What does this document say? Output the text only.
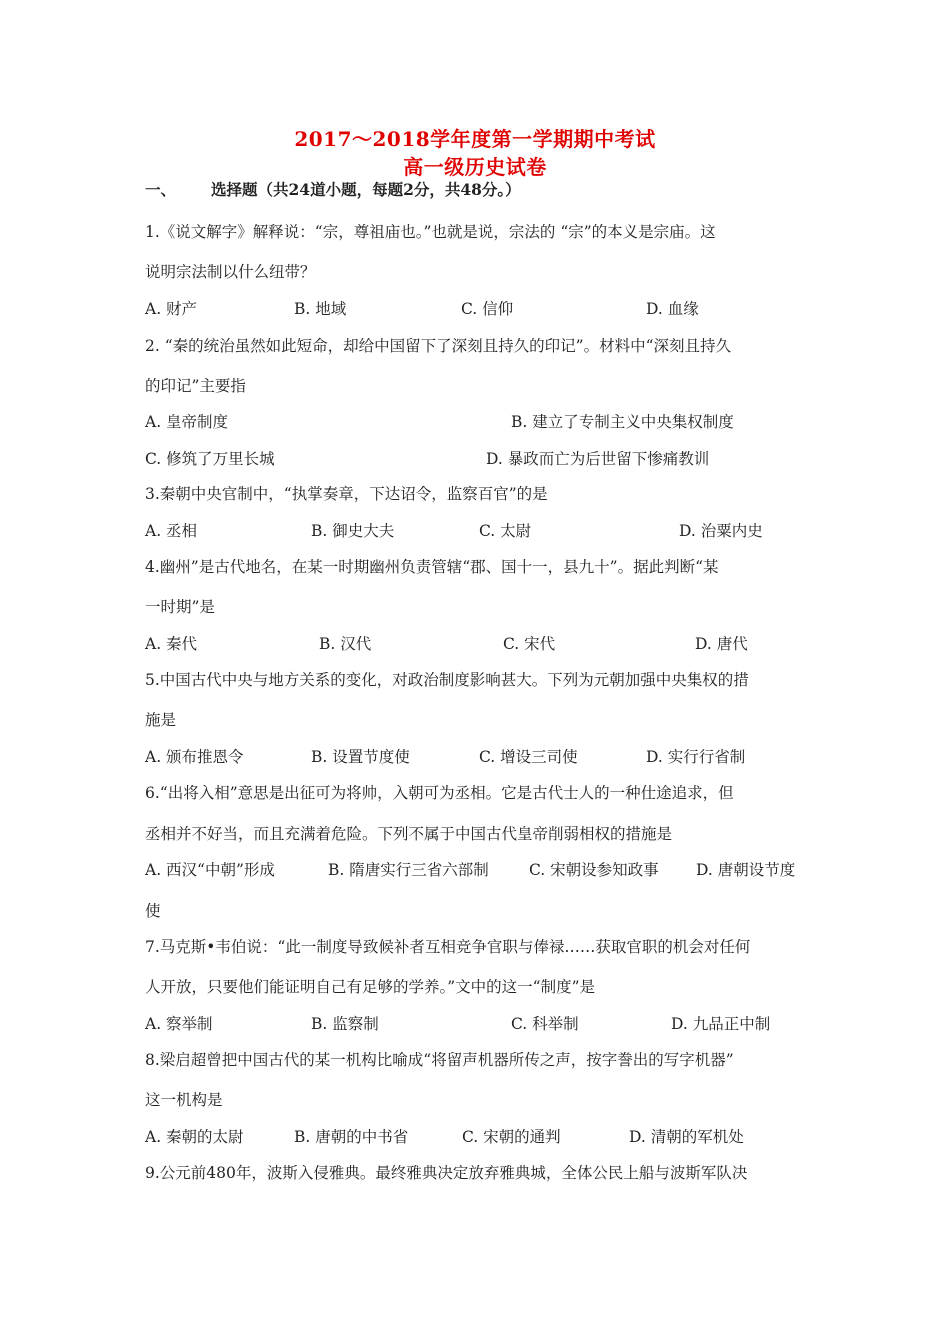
2017～2018学年度第一学期期中考试
高一级历史试卷
一、 选择题（共24道小题，每题2分，共48分。）
1.《说文解字》解释说：“宗，尊祖庙也。”也就是说，宗法的 “宗”的本义是宗庙。这
说明宗法制以什么纽带？
A. 财产	B. 地域	C. 信仰	D. 血缘
2. “秦的统治虽然如此短命，却给中国留下了深刻且持久的印记”。材料中“深刻且持久
的印记”主要指
A. 皇帝制度	B. 建立了专制主义中央集权制度
C. 修筑了万里长城	D. 暴政而亡为后世留下惨痛教训
3.秦朝中央官制中，“执掌奏章，下达诏令，监察百官”的是
A. 丞相	B. 御史大夫	C. 太尉	D. 治粟内史
4.幽州”是古代地名，在某一时期幽州负责管辖“郡、国十一，县九十”。据此判断“某
一时期”是
A. 秦代	B. 汉代	C. 宋代	D. 唐代
5.中国古代中央与地方关系的变化，对政治制度影响甚大。下列为元朝加强中央集权的措
施是
A. 颁布推恩令	B. 设置节度使	C. 增设三司使	D. 实行行省制
6.“出将入相”意思是出征可为将帅，入朝可为丞相。它是古代士人的一种仕途追求，但
丞相并不好当，而且充满着危险。下列不属于中国古代皇帝削弱相权的措施是
A. 西汉“中朝”形成	B. 隋唐实行三省六部制	C. 宋朝设参知政事 D. 唐朝设节度
使
7.马克斯•韦伯说：“此一制度导致候补者互相竞争官职与俸禄……获取官职的机会对任何
人开放，只要他们能证明自己有足够的学养。”文中的这一“制度”是
A. 察举制	B. 监察制	C. 科举制	D. 九品正中制
8.梁启超曾把中国古代的某一机构比喻成“将留声机器所传之声，按字誊出的写字机器”
这一机构是
A. 秦朝的太尉	B. 唐朝的中书省	C. 宋朝的通判	D. 清朝的军机处
9.公元前480年，波斯入侵雅典。最终雅典决定放弃雅典城，全体公民上船与波斯军队决
